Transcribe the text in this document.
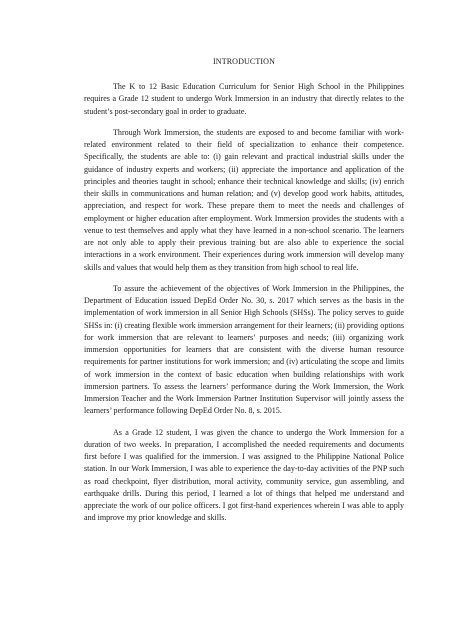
INTRODUCTION

The K to 12 Basic Education Curriculum for Senior High School in the Philippines requires a Grade 12 student to undergo Work Immersion in an industry that directly relates to the student’s post-secondary goal in order to graduate.

Through Work Immersion, the students are exposed to and become familiar with work-related environment related to their field of specialization to enhance their competence. Specifically, the students are able to: (i) gain relevant and practical industrial skills under the guidance of industry experts and workers; (ii) appreciate the importance and application of the principles and theories taught in school; enhance their technical knowledge and skills; (iv) enrich their skills in communications and human relation; and (v) develop good work habits, attitudes, appreciation, and respect for work. These prepare them to meet the needs and challenges of employment or higher education after employment. Work Immersion provides the students with a venue to test themselves and apply what they have learned in a non-school scenario. The learners are not only able to apply their previous training but are also able to experience the social interactions in a work environment. Their experiences during work immersion will develop many skills and values that would help them as they transition from high school to real life.

To assure the achievement of the objectives of Work Immersion in the Philippines, the Department of Education issued DepEd Order No. 30, s. 2017 which serves as the basis in the implementation of work immersion in all Senior High Schools (SHSs). The policy serves to guide SHSs in: (i) creating flexible work immersion arrangement for their learners; (ii) providing options for work immersion that are relevant to learners’ purposes and needs; (iii) organizing work immersion opportunities for learners that are consistent with the diverse human resource requirements for partner institutions for work immersion; and (iv) articulating the scope and limits of work immersion in the context of basic education when building relationships with work immersion partners. To assess the learners’ performance during the Work Immersion, the Work Immersion Teacher and the Work Immersion Partner Institution Supervisor will jointly assess the learners’ performance following DepEd Order No. 8, s. 2015.

As a Grade 12 student, I was given the chance to undergo the Work Immersion for a duration of two weeks. In preparation, I accomplished the needed requirements and documents first before I was qualified for the immersion. I was assigned to the Philippine National Police station. In our Work Immersion, I was able to experience the day-to-day activities of the PNP such as road checkpoint, flyer distribution, moral activity, community service, gun assembling, and earthquake drills. During this period, I learned a lot of things that helped me understand and appreciate the work of our police officers. I got first-hand experiences wherein I was able to apply and improve my prior knowledge and skills.
